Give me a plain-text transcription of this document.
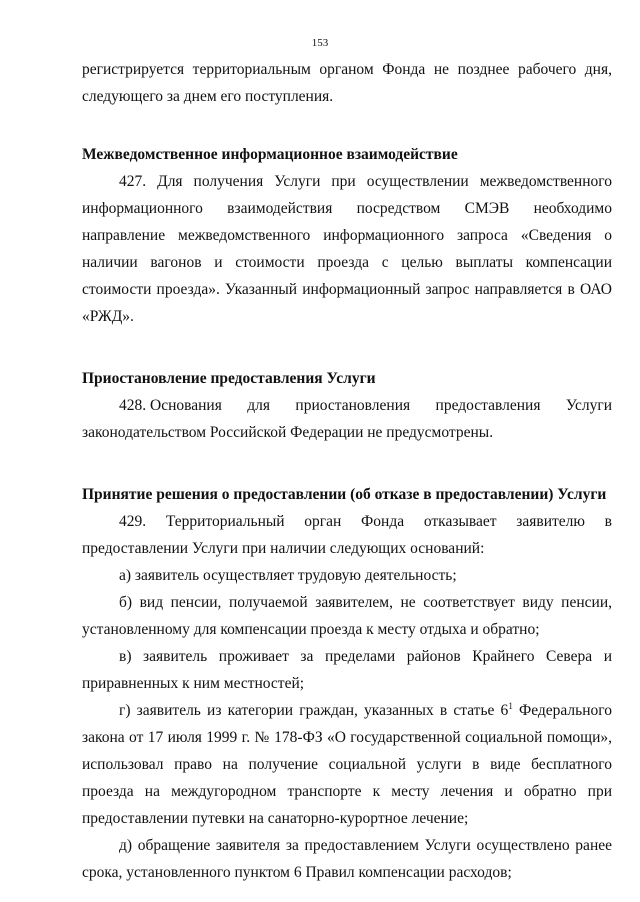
153

регистрируется территориальным органом Фонда не позднее рабочего дня, следующего за днем его поступления.

Межведомственное информационное взаимодействие

427. Для получения Услуги при осуществлении межведомственного информационного взаимодействия посредством СМЭВ необходимо направление межведомственного информационного запроса «Сведения о наличии вагонов и стоимости проезда с целью выплаты компенсации стоимости проезда». Указанный информационный запрос направляется в ОАО «РЖД».

Приостановление предоставления Услуги

428. Основания для приостановления предоставления Услуги

законодательством Российской Федерации не предусмотрены.

Принятие решения о предоставлении (об отказе в предоставлении) Услуги

429. Территориальный орган Фонда отказывает заявителю в предоставлении Услуги при наличии следующих оснований:

а) заявитель осуществляет трудовую деятельность;

б) вид пенсии, получаемой заявителем, не соответствует виду пенсии, установленному для компенсации проезда к месту отдыха и обратно;

в) заявитель проживает за пределами районов Крайнего Севера и приравненных к ним местностей;

г) заявитель из категории граждан, указанных в статье $6^1$ Федерального закона от 17 июля 1999 г. № 178-ФЗ «О государственной социальной помощи», использовал право на получение социальной услуги в виде бесплатного проезда на междугородном транспорте к месту лечения и обратно при предоставлении путевки на санаторно-курортное лечение;

д) обращение заявителя за предоставлением Услуги осуществлено ранее срока, установленного пунктом 6 Правил компенсации расходов;
